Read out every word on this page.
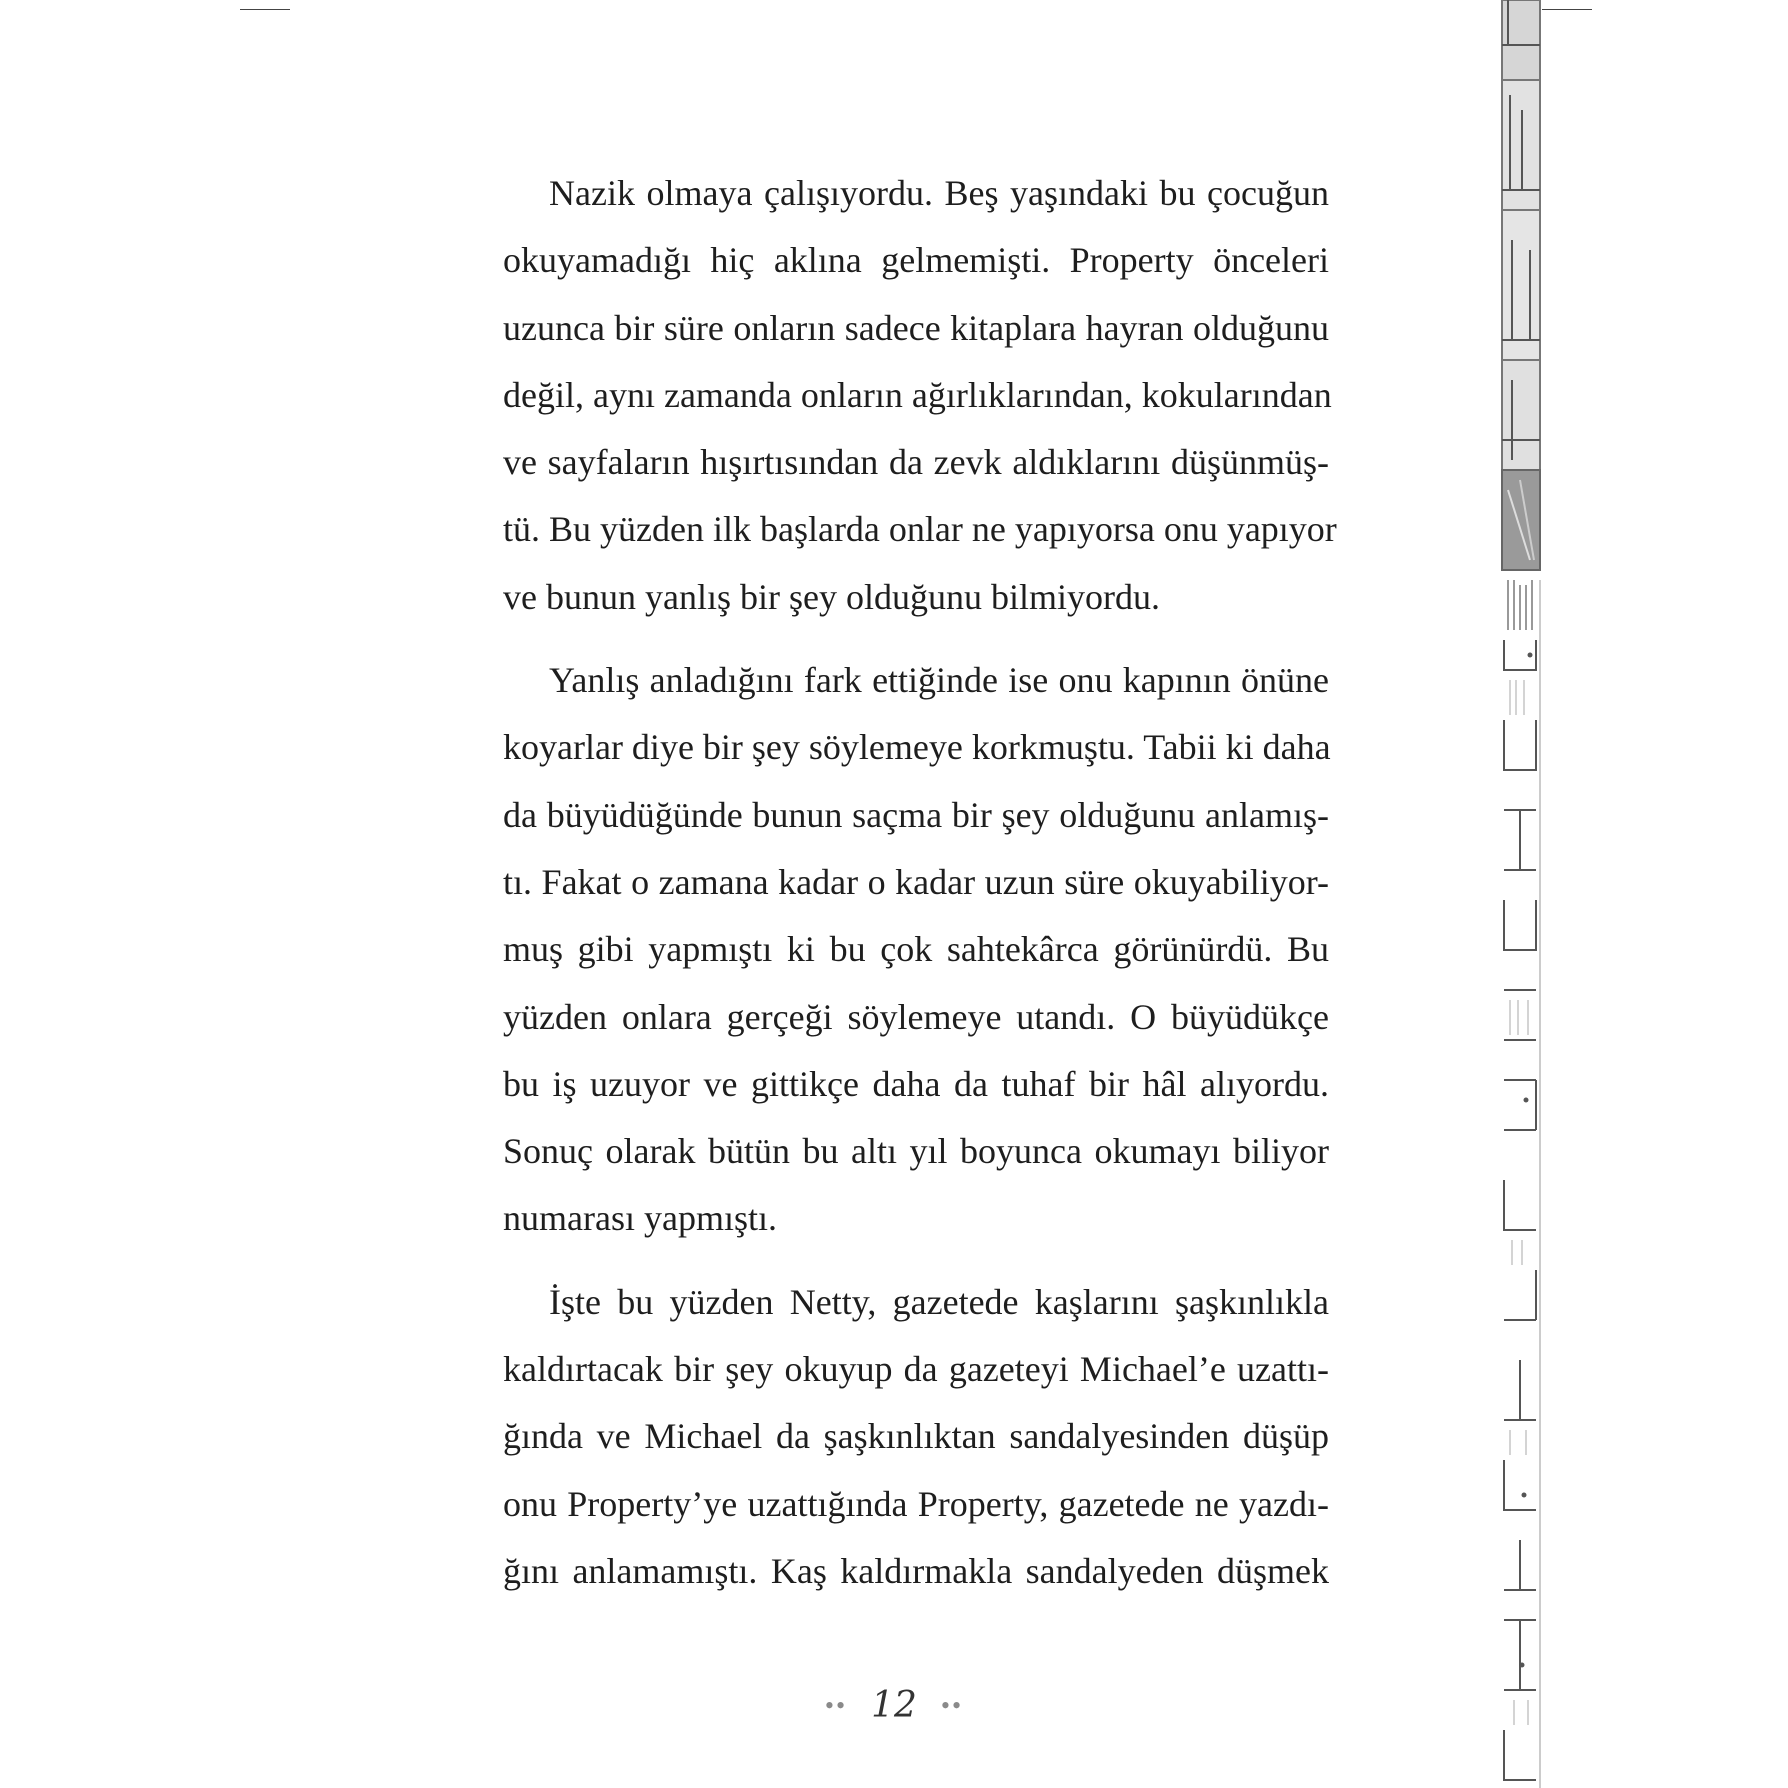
Nazik olmaya çalışıyordu. Beş yaşındaki bu çocuğun
okuyamadığı hiç aklına gelmemişti. Property önceleri
uzunca bir süre onların sadece kitaplara hayran olduğunu
değil, aynı zamanda onların ağırlıklarından, kokularından
ve sayfaların hışırtısından da zevk aldıklarını düşünmüş-
tü. Bu yüzden ilk başlarda onlar ne yapıyorsa onu yapıyor
ve bunun yanlış bir şey olduğunu bilmiyordu.

Yanlış anladığını fark ettiğinde ise onu kapının önüne
koyarlar diye bir şey söylemeye korkmuştu. Tabii ki daha
da büyüdüğünde bunun saçma bir şey olduğunu anlamış-
tı. Fakat o zamana kadar o kadar uzun süre okuyabiliyor-
muş gibi yapmıştı ki bu çok sahtekârca görünürdü. Bu
yüzden onlara gerçeği söylemeye utandı. O büyüdükçe
bu iş uzuyor ve gittikçe daha da tuhaf bir hâl alıyordu.
Sonuç olarak bütün bu altı yıl boyunca okumayı biliyor
numarası yapmıştı.

İşte bu yüzden Netty, gazetede kaşlarını şaşkınlıkla
kaldırtacak bir şey okuyup da gazeteyi Michael’e uzattı-
ğında ve Michael da şaşkınlıktan sandalyesinden düşüp
onu Property’ye uzattığında Property, gazetede ne yazdı-
ğını anlamamıştı. Kaş kaldırmakla sandalyeden düşmek

•• 12 ••
